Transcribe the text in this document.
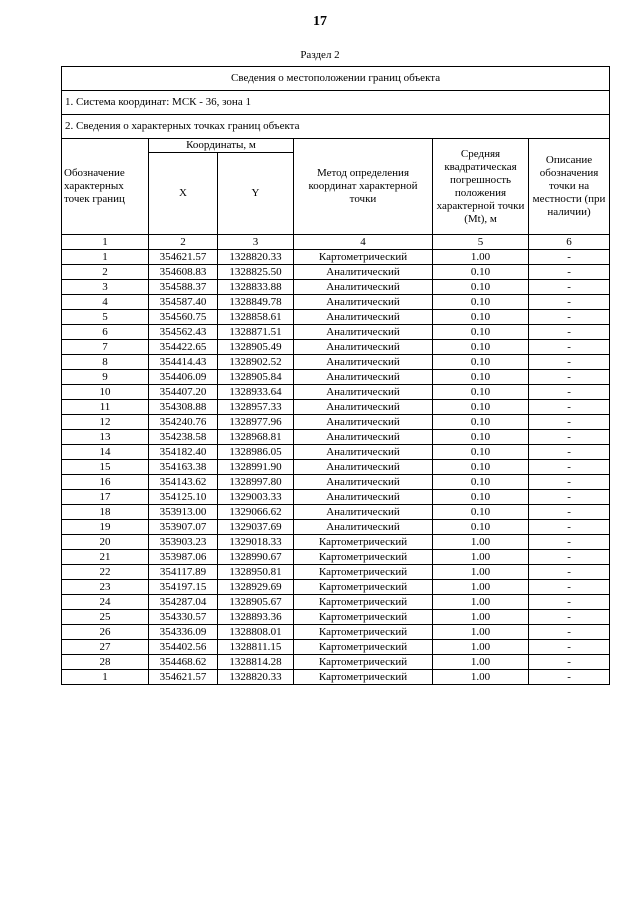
17
Раздел 2
Сведения о местоположении границ объекта					
1. Система координат: МСК - 36, зона 1					
2. Сведения о характерных точках границ объекта					
Обозначение характерных точек границ	Координаты, м		Метод определения координат характерной точки	Средняя квадратическая погрешность положения характерной точки (Mt), м	Описание обозначения точки на местности (при наличии)
	X	Y			
1	2	3	4	5	6
1	354621.57	1328820.33	Картометрический	1.00	-
2	354608.83	1328825.50	Аналитический	0.10	-
3	354588.37	1328833.88	Аналитический	0.10	-
4	354587.40	1328849.78	Аналитический	0.10	-
5	354560.75	1328858.61	Аналитический	0.10	-
6	354562.43	1328871.51	Аналитический	0.10	-
7	354422.65	1328905.49	Аналитический	0.10	-
8	354414.43	1328902.52	Аналитический	0.10	-
9	354406.09	1328905.84	Аналитический	0.10	-
10	354407.20	1328933.64	Аналитический	0.10	-
11	354308.88	1328957.33	Аналитический	0.10	-
12	354240.76	1328977.96	Аналитический	0.10	-
13	354238.58	1328968.81	Аналитический	0.10	-
14	354182.40	1328986.05	Аналитический	0.10	-
15	354163.38	1328991.90	Аналитический	0.10	-
16	354143.62	1328997.80	Аналитический	0.10	-
17	354125.10	1329003.33	Аналитический	0.10	-
18	353913.00	1329066.62	Аналитический	0.10	-
19	353907.07	1329037.69	Аналитический	0.10	-
20	353903.23	1329018.33	Картометрический	1.00	-
21	353987.06	1328990.67	Картометрический	1.00	-
22	354117.89	1328950.81	Картометрический	1.00	-
23	354197.15	1328929.69	Картометрический	1.00	-
24	354287.04	1328905.67	Картометрический	1.00	-
25	354330.57	1328893.36	Картометрический	1.00	-
26	354336.09	1328808.01	Картометрический	1.00	-
27	354402.56	1328811.15	Картометрический	1.00	-
28	354468.62	1328814.28	Картометрический	1.00	-
1	354621.57	1328820.33	Картометрический	1.00	-
